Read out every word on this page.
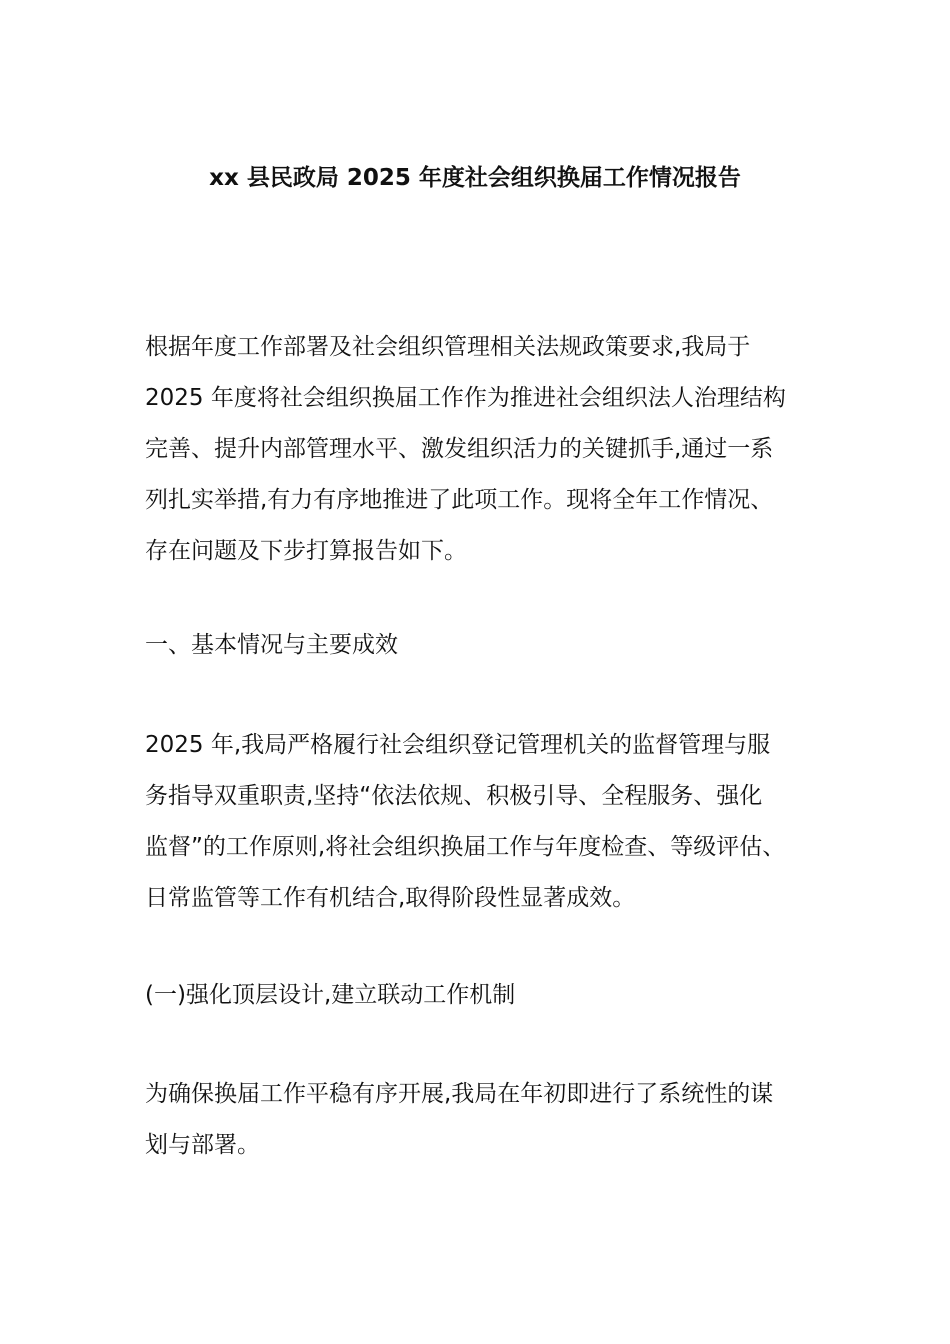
xx 县民政局 2025 年度社会组织换届工作情况报告

根据年度工作部署及社会组织管理相关法规政策要求,我局于
2025 年度将社会组织换届工作作为推进社会组织法人治理结构
完善、提升内部管理水平、激发组织活力的关键抓手,通过一系
列扎实举措,有力有序地推进了此项工作。现将全年工作情况、
存在问题及下步打算报告如下。

一、基本情况与主要成效

2025 年,我局严格履行社会组织登记管理机关的监督管理与服
务指导双重职责,坚持“依法依规、积极引导、全程服务、强化
监督”的工作原则,将社会组织换届工作与年度检查、等级评估、
日常监管等工作有机结合,取得阶段性显著成效。

(一)强化顶层设计,建立联动工作机制

为确保换届工作平稳有序开展,我局在年初即进行了系统性的谋
划与部署。
